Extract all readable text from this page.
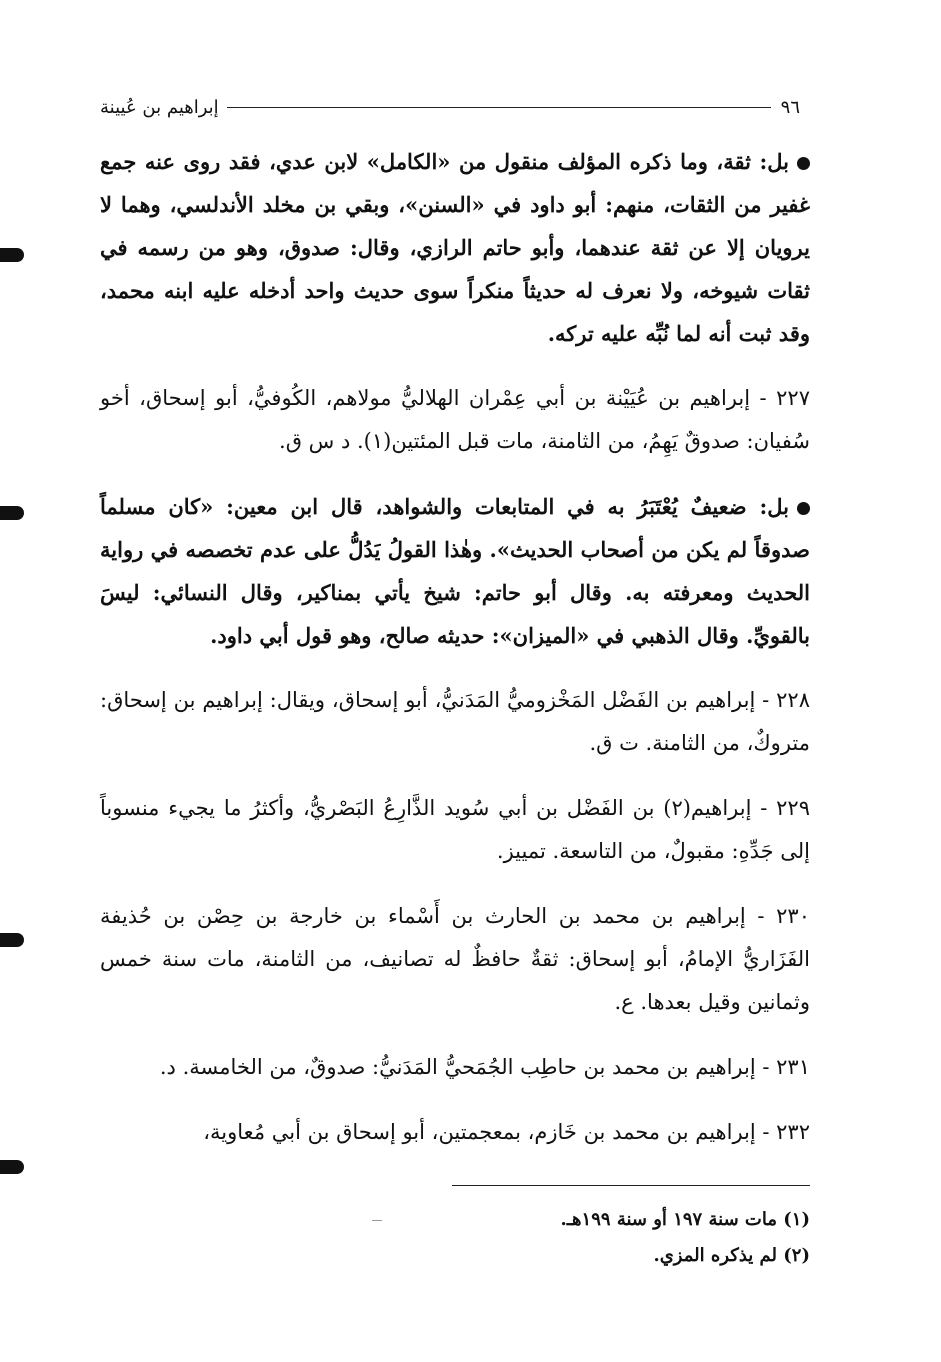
٩٦
إبراهيم بن عُيينة

بل: ثقة، وما ذكره المؤلف منقول من «الكامل» لابن عدي، فقد روى عنه جمع غفير من الثقات، منهم: أبو داود في «السنن»، وبقي بن مخلد الأندلسي، وهما لا يرويان إلا عن ثقة عندهما، وأبو حاتم الرازي، وقال: صدوق، وهو من رسمه في ثقات شيوخه، ولا نعرف له حديثاً منكراً سوى حديث واحد أدخله عليه ابنه محمد، وقد ثبت أنه لما نُبِّه عليه تركه.

٢٢٧ - إبراهيم بن عُيَيْنة بن أبي عِمْران الهلاليُّ مولاهم، الكُوفيُّ، أبو إسحاق، أخو سُفيان: صدوقٌ يَهِمُ، من الثامنة، مات قبل المئتين(١). د س ق.

بل: ضعيفٌ يُعْتَبَرُ به في المتابعات والشواهد، قال ابن معين: «كان مسلماً صدوقاً لم يكن من أصحاب الحديث». وهٰذا القولُ يَدُلُّ على عدم تخصصه في رواية الحديث ومعرفته به. وقال أبو حاتم: شيخ يأتي بمناكير، وقال النسائي: ليسَ بالقويِّ. وقال الذهبي في «الميزان»: حديثه صالح، وهو قول أبي داود.

٢٢٨ - إبراهيم بن الفَضْل المَخْزوميُّ المَدَنيُّ، أبو إسحاق، ويقال: إبراهيم بن إسحاق: متروكٌ، من الثامنة. ت ق.

٢٢٩ - إبراهيم(٢) بن الفَضْل بن أبي سُويد الذَّارِعُ البَصْريُّ، وأكثرُ ما يجيء منسوباً إلى جَدِّهِ: مقبولٌ، من التاسعة. تمييز.

٢٣٠ - إبراهيم بن محمد بن الحارث بن أَسْماء بن خارجة بن حِصْن بن حُذيفة الفَزَاريُّ الإمامُ، أبو إسحاق: ثقةٌ حافظٌ له تصانيف، من الثامنة، مات سنة خمس وثمانين وقيل بعدها. ع.

٢٣١ - إبراهيم بن محمد بن حاطِب الجُمَحيُّ المَدَنيُّ: صدوقٌ، من الخامسة. د.

٢٣٢ - إبراهيم بن محمد بن خَازم، بمعجمتين، أبو إسحاق بن أبي مُعاوية،

(١) مات سنة ١٩٧ أو سنة ١٩٩هـ.
(٢) لم يذكره المزي.
